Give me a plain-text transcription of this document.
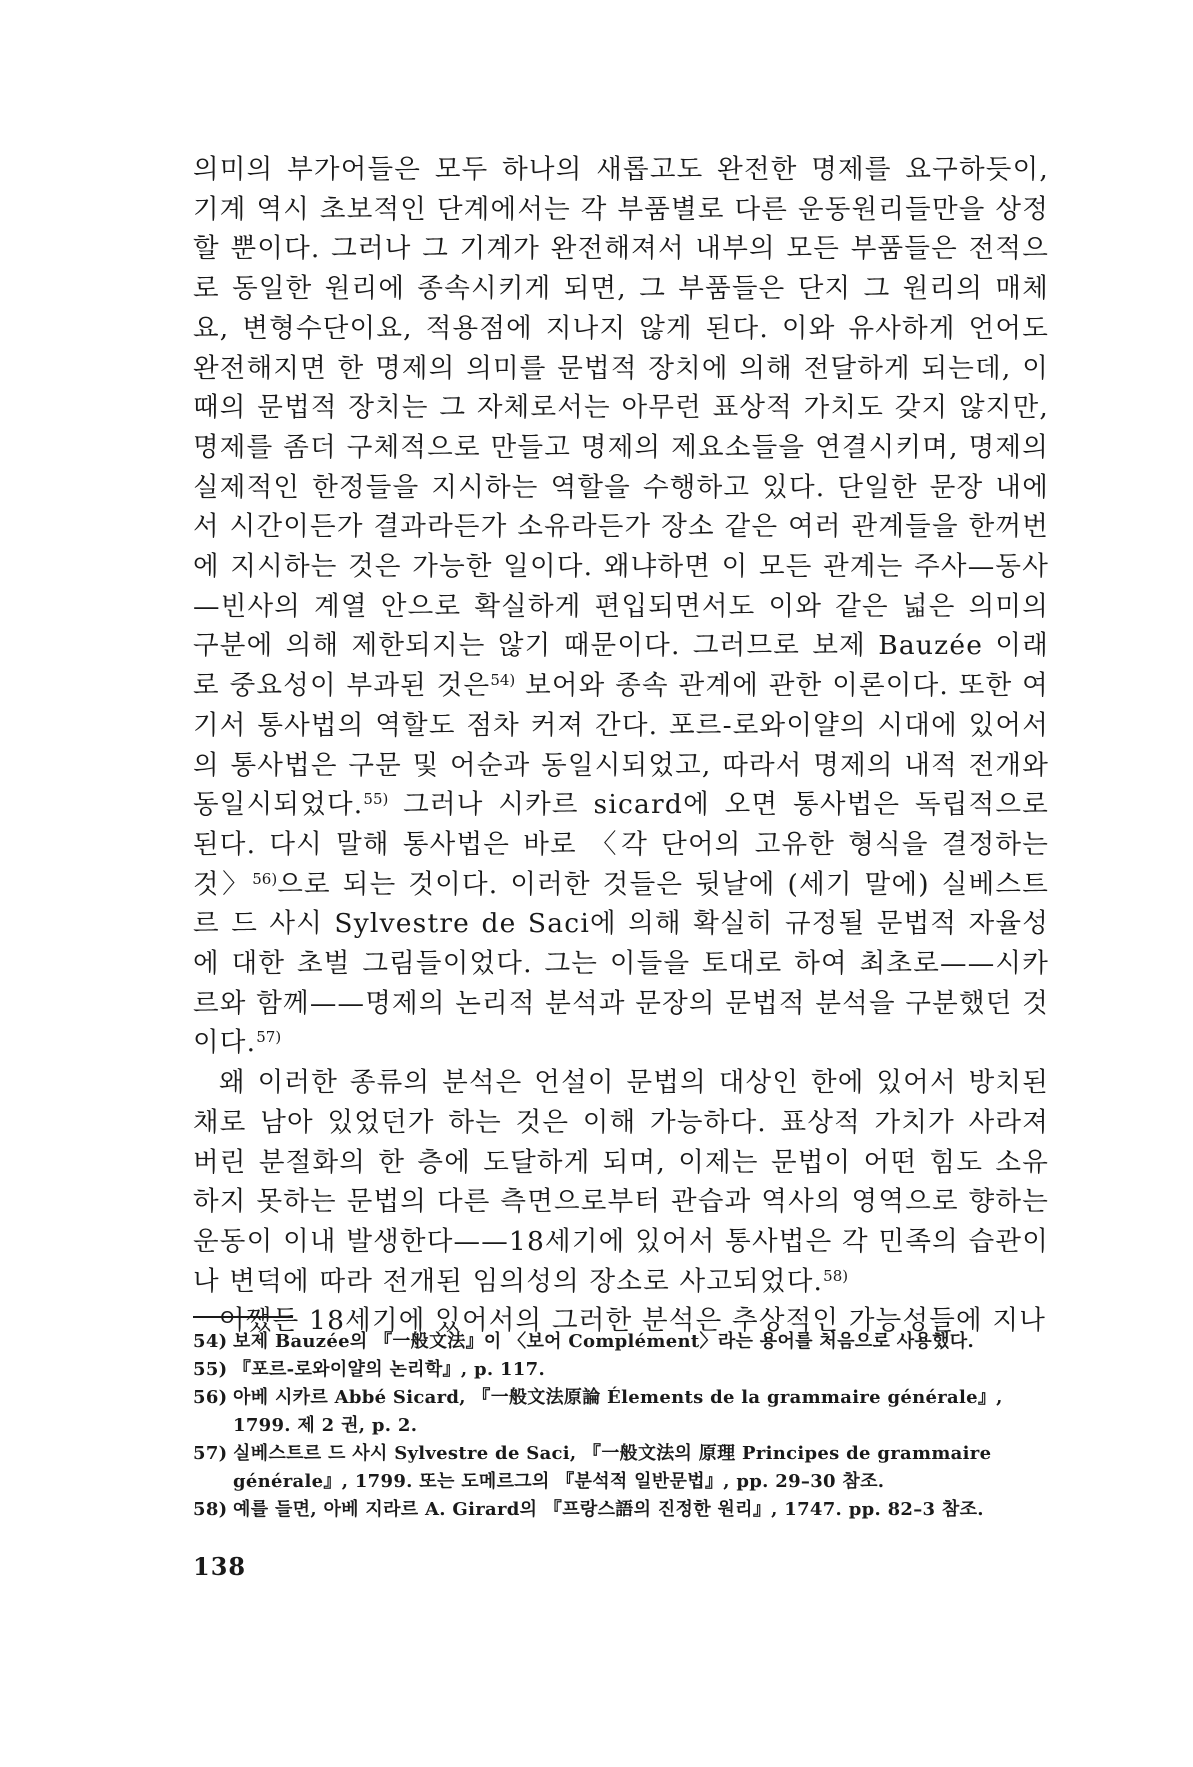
의미의 부가어들은 모두 하나의 새롭고도 완전한 명제를 요구하듯이, 기계 역시 초보적인 단계에서는 각 부품별로 다른 운동원리들만을 상정할 뿐이다. 그러나 그 기계가 완전해져서 내부의 모든 부품들은 전적으로 동일한 원리에 종속시키게 되면, 그 부품들은 단지 그 원리의 매체요, 변형수단이요, 적용점에 지나지 않게 된다. 이와 유사하게 언어도 완전해지면 한 명제의 의미를 문법적 장치에 의해 전달하게 되는데, 이때의 문법적 장치는 그 자체로서는 아무런 표상적 가치도 갖지 않지만, 명제를 좀더 구체적으로 만들고 명제의 제요소들을 연결시키며, 명제의 실제적인 한정들을 지시하는 역할을 수행하고 있다. 단일한 문장 내에서 시간이든가 결과라든가 소유라든가 장소 같은 여러 관계들을 한꺼번에 지시하는 것은 가능한 일이다. 왜냐하면 이 모든 관계는 주사—동사—빈사의 계열 안으로 확실하게 편입되면서도 이와 같은 넓은 의미의 구분에 의해 제한되지는 않기 때문이다. 그러므로 보제 Bauzée 이래로 중요성이 부과된 것은$^{54)}$ 보어와 종속 관계에 관한 이론이다. 또한 여기서 통사법의 역할도 점차 커져 간다. 포르-로와이얄의 시대에 있어서의 통사법은 구문 및 어순과 동일시되었고, 따라서 명제의 내적 전개와 동일시되었다.$^{55)}$ 그러나 시카르 sicard에 오면 통사법은 독립적으로 된다. 다시 말해 통사법은 바로 〈각 단어의 고유한 형식을 결정하는 것〉$^{56)}$으로 되는 것이다. 이러한 것들은 뒷날에 (세기 말에) 실베스트르 드 사시 Sylvestre de Saci에 의해 확실히 규정될 문법적 자율성에 대한 초벌 그림들이었다. 그는 이들을 토대로 하여 최초로——시카르와 함께——명제의 논리적 분석과 문장의 문법적 분석을 구분했던 것이다.$^{57)}$

왜 이러한 종류의 분석은 언설이 문법의 대상인 한에 있어서 방치된 채로 남아 있었던가 하는 것은 이해 가능하다. 표상적 가치가 사라져 버린 분절화의 한 층에 도달하게 되며, 이제는 문법이 어떤 힘도 소유하지 못하는 문법의 다른 측면으로부터 관습과 역사의 영역으로 향하는 운동이 이내 발생한다——18세기에 있어서 통사법은 각 민족의 습관이나 변덕에 따라 전개된 임의성의 장소로 사고되었다.$^{58)}$

어쨌든 18세기에 있어서의 그러한 분석은 추상적인 가능성들에 지나

54) 보제 Bauzée의 『一般文法』이 〈보어 Complément〉라는 용어를 처음으로 사용했다.

55) 『포르-로와이얄의 논리학』, p. 117.

56) 아베 시카르 Abbé Sicard, 『一般文法原論 Élements de la grammaire générale』, 1799. 제 2 권, p. 2.

57) 실베스트르 드 사시 Sylvestre de Saci, 『一般文法의 原理 Principes de grammaire générale』, 1799. 또는 도메르그의 『분석적 일반문법』, pp. 29–30 참조.

58) 예를 들면, 아베 지라르 A. Girard의 『프랑스語의 진정한 원리』, 1747. pp. 82–3 참조.

138
